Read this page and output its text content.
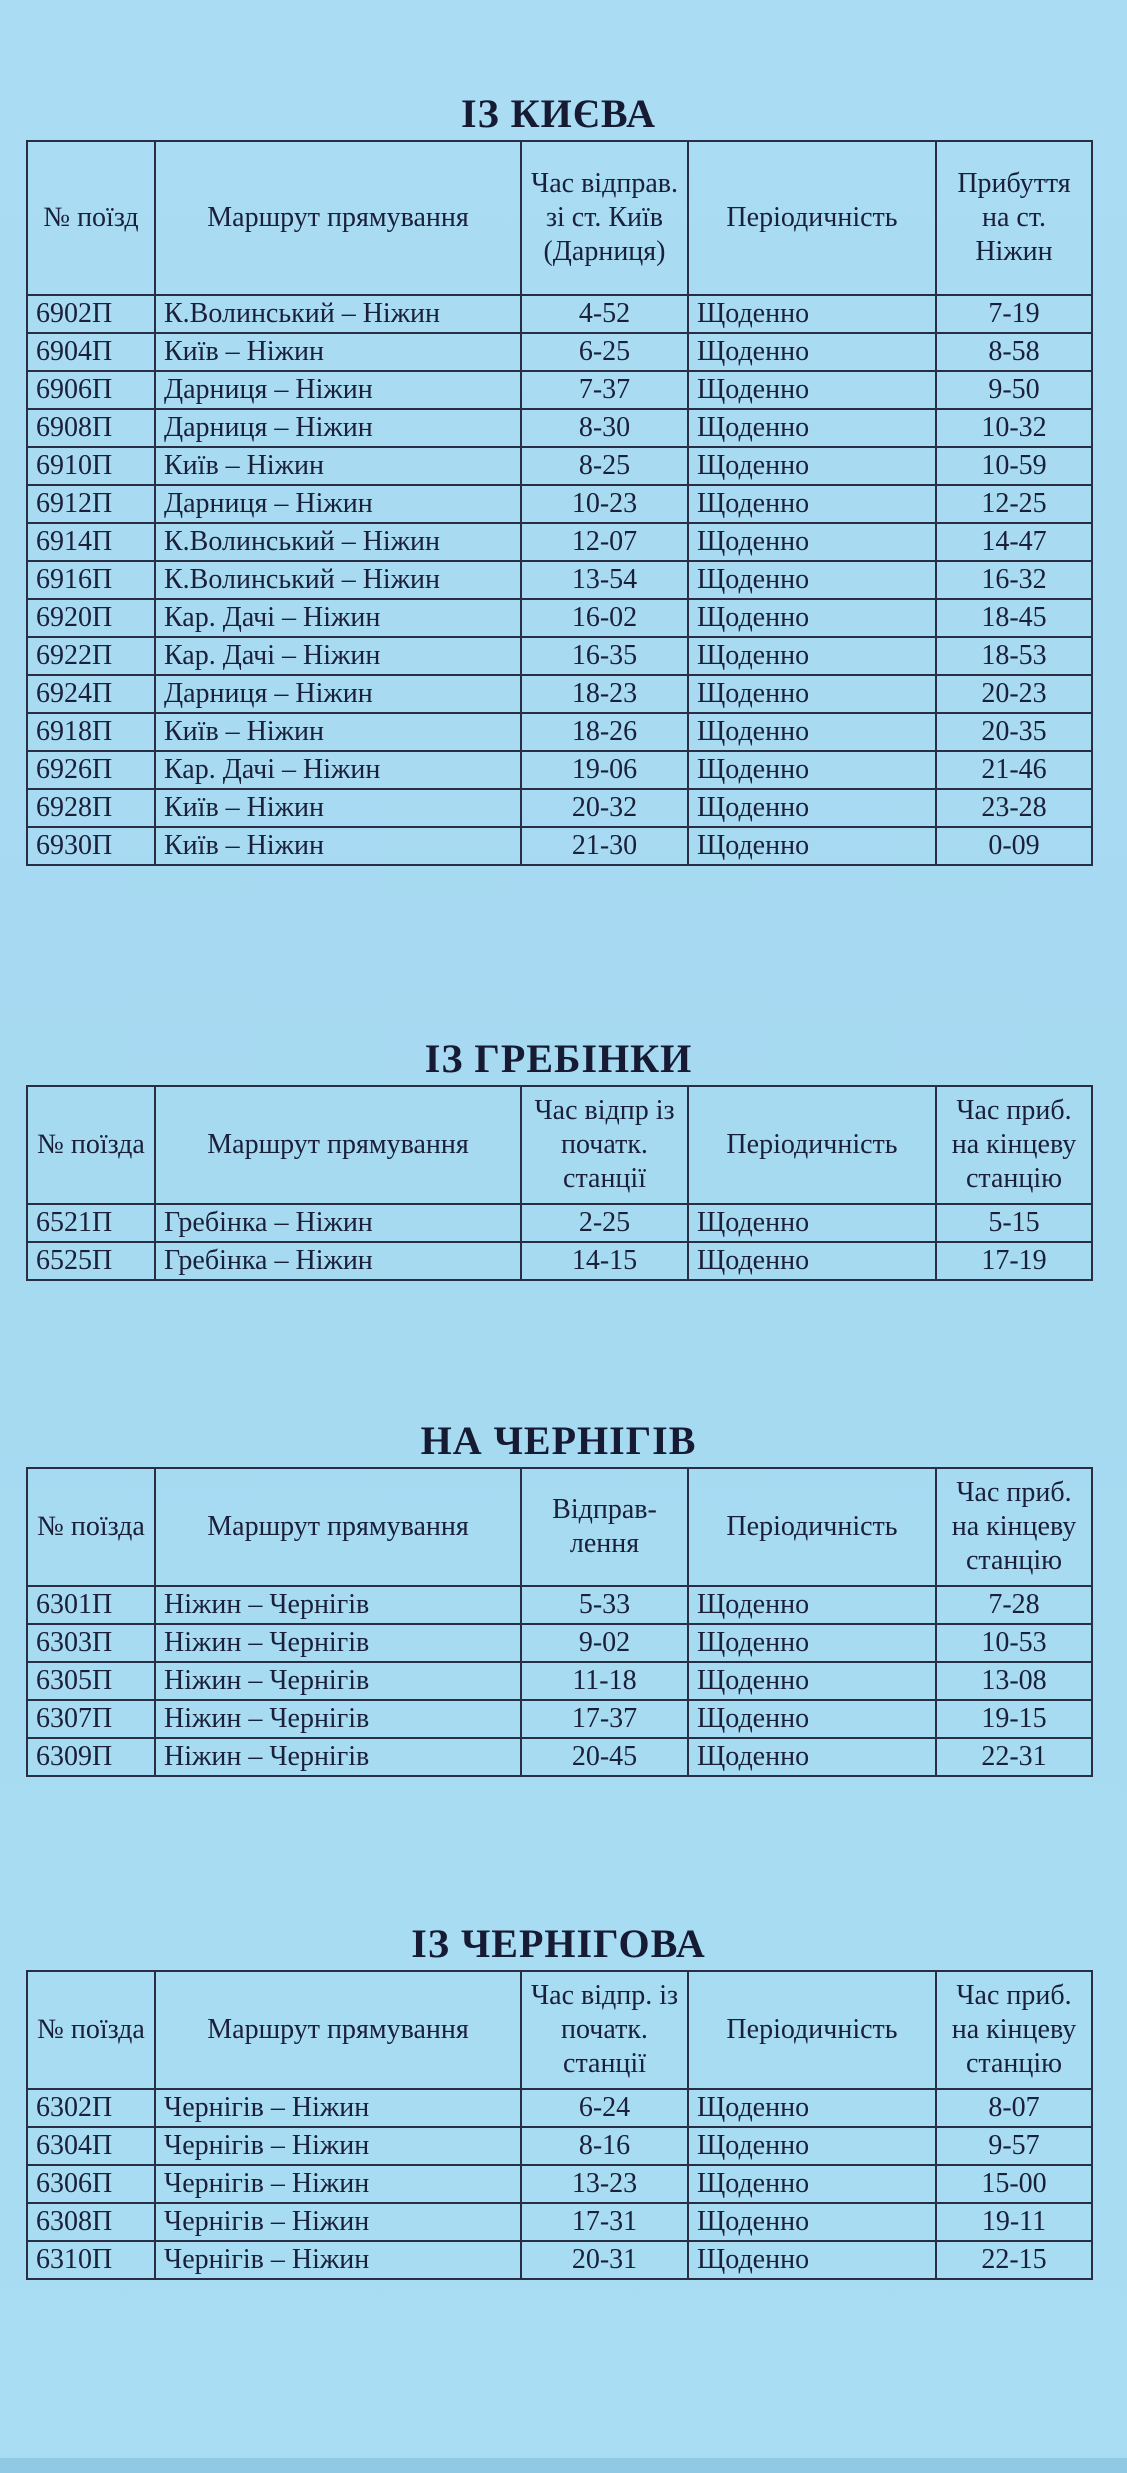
ІЗ КИЄВА
№ поїзд	Маршрут прямування	Час відправ. зі ст. Київ (Дарниця)	Періодичність	Прибуття на ст. Ніжин
6902П	К.Волинський – Ніжин	4-52	Щоденно	7-19
6904П	Київ – Ніжин	6-25	Щоденно	8-58
6906П	Дарниця – Ніжин	7-37	Щоденно	9-50
6908П	Дарниця – Ніжин	8-30	Щоденно	10-32
6910П	Київ – Ніжин	8-25	Щоденно	10-59
6912П	Дарниця – Ніжин	10-23	Щоденно	12-25
6914П	К.Волинський – Ніжин	12-07	Щоденно	14-47
6916П	К.Волинський – Ніжин	13-54	Щоденно	16-32
6920П	Кар. Дачі – Ніжин	16-02	Щоденно	18-45
6922П	Кар. Дачі – Ніжин	16-35	Щоденно	18-53
6924П	Дарниця – Ніжин	18-23	Щоденно	20-23
6918П	Київ – Ніжин	18-26	Щоденно	20-35
6926П	Кар. Дачі – Ніжин	19-06	Щоденно	21-46
6928П	Київ – Ніжин	20-32	Щоденно	23-28
6930П	Київ – Ніжин	21-30	Щоденно	0-09
ІЗ ГРЕБІНКИ
№ поїзда	Маршрут прямування	Час відпр із початк. станції	Періодичність	Час приб. на кінцеву станцію
6521П	Гребінка – Ніжин	2-25	Щоденно	5-15
6525П	Гребінка – Ніжин	14-15	Щоденно	17-19
НА ЧЕРНІГІВ
№ поїзда	Маршрут прямування	Відправ-лення	Періодичність	Час приб. на кінцеву станцію
6301П	Ніжин – Чернігів	5-33	Щоденно	7-28
6303П	Ніжин – Чернігів	9-02	Щоденно	10-53
6305П	Ніжин – Чернігів	11-18	Щоденно	13-08
6307П	Ніжин – Чернігів	17-37	Щоденно	19-15
6309П	Ніжин – Чернігів	20-45	Щоденно	22-31
ІЗ ЧЕРНІГОВА
№ поїзда	Маршрут прямування	Час відпр. із початк. станції	Періодичність	Час приб. на кінцеву станцію
6302П	Чернігів – Ніжин	6-24	Щоденно	8-07
6304П	Чернігів – Ніжин	8-16	Щоденно	9-57
6306П	Чернігів – Ніжин	13-23	Щоденно	15-00
6308П	Чернігів – Ніжин	17-31	Щоденно	19-11
6310П	Чернігів – Ніжин	20-31	Щоденно	22-15
